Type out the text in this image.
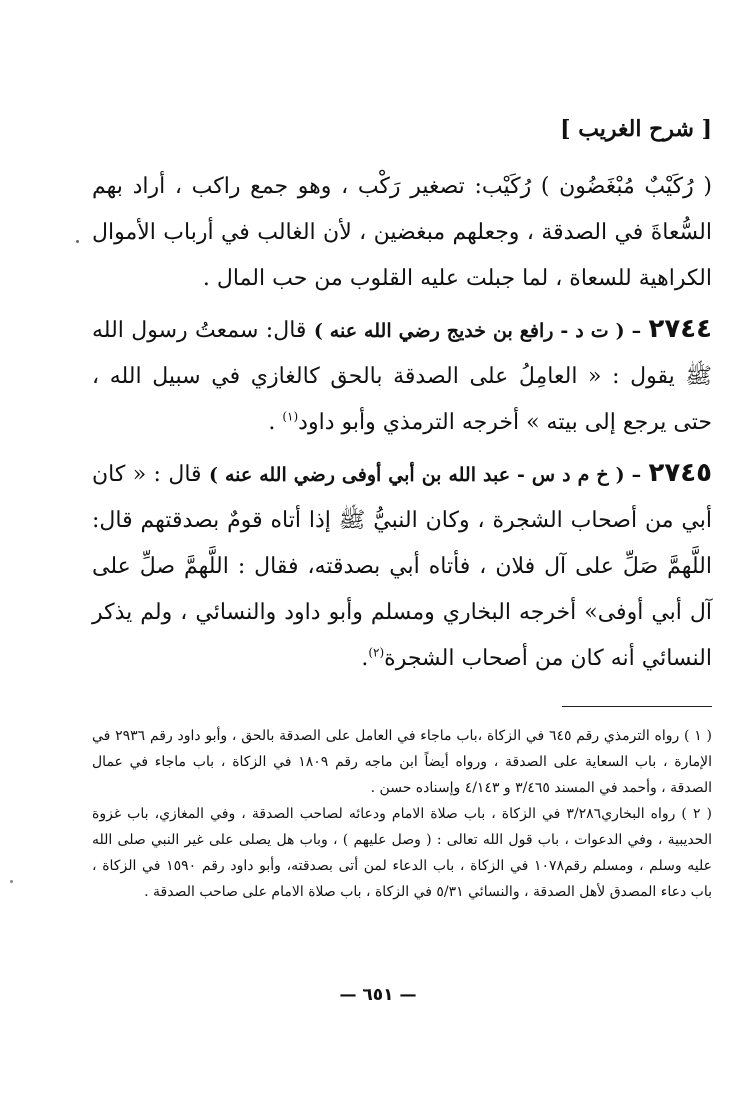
[ شرح الغريب ]

( رُكَيْبٌ مُبْغَضُون ) رُكَيْب: تصغير رَكْب ، وهو جمع راكب ، أراد بهم السُّعاةَ في الصدقة ، وجعلهم مبغضين ، لأن الغالب في أرباب الأموال الكراهية للسعاة ، لما جبلت عليه القلوب من حب المال .

٢٧٤٤ – ( ت د - رافع بن خديج رضي الله عنه ) قال: سمعتُ رسول الله ﷺ يقول : « العامِلُ على الصدقة بالحق كالغازي في سبيل الله ، حتى يرجع إلى بيته » أخرجه الترمذي وأبو داود$^{(١)}$ .

٢٧٤٥ – ( خ م د س - عبد الله بن أبي أوفى رضي الله عنه ) قال : « كان أبي من أصحاب الشجرة ، وكان النبيُّ ﷺ إذا أتاه قومٌ بصدقتهم قال: اللَّهمَّ صَلِّ على آل فلان ، فأتاه أبي بصدقته، فقال : اللَّهمَّ صلِّ على آل أبي أوفى» أخرجه البخاري ومسلم وأبو داود والنسائي ، ولم يذكر النسائي أنه كان من أصحاب الشجرة$^{(٢)}$.

( ١ ) رواه الترمذي رقم ٦٤٥ في الزكاة ،باب ماجاء في العامل على الصدقة بالحق ، وأبو داود رقم ٢٩٣٦ في الإمارة ، باب السعاية على الصدقة ، ورواه أيضاً ابن ماجه رقم ١٨٠٩ في الزكاة ، باب ماجاء في عمال الصدقة ، وأحمد في المسند ٣/٤٦٥ و ٤/١٤٣ وإسناده حسن .

( ٢ ) رواه البخاري٣/٢٨٦ في الزكاة ، باب صلاة الامام ودعائه لصاحب الصدقة ، وفي المغازي، باب غزوة الحديبية ، وفي الدعوات ، باب قول الله تعالى : ( وصل عليهم ) ، وباب هل يصلى على غير النبي صلى الله عليه وسلم ، ومسلم رقم١٠٧٨ في الزكاة ، باب الدعاء لمن أتى بصدقته، وأبو داود رقم ١٥٩٠ في الزكاة ، باب دعاء المصدق لأهل الصدقة ، والنسائي ٥/٣١ في الزكاة ، باب صلاة الامام على صاحب الصدقة .

— ٦٥١ —
